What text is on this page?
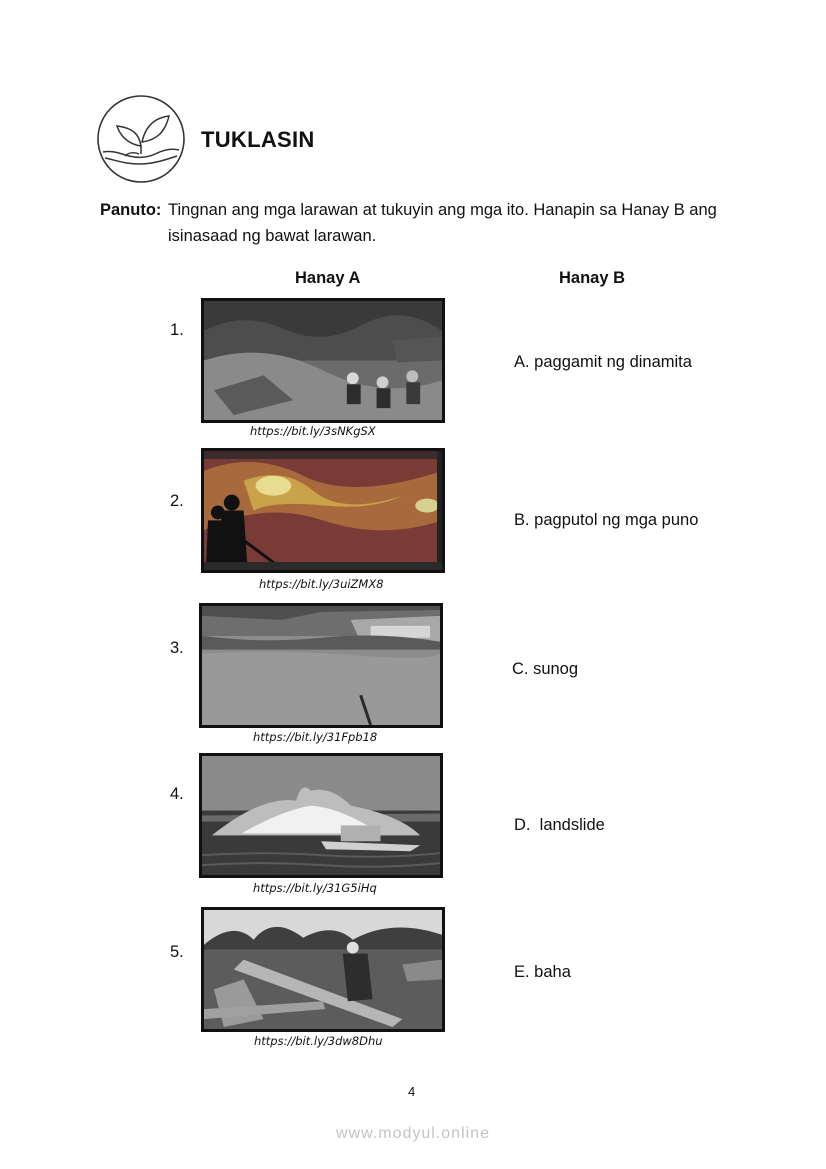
TUKLASIN
Panuto: Tingnan ang mga larawan at tukuyin ang mga ito. Hanapin sa Hanay B ang
isinasaad ng bawat larawan.
Hanay A	Hanay B
1.
https://bit.ly/3sNKgSX
2.
https://bit.ly/3uiZMX8
3.
https://bit.ly/31Fpb18
4.
https://bit.ly/31G5iHq
5.
https://bit.ly/3dw8Dhu
A. paggamit ng dinamita
B. pagputol ng mga puno
C. sunog
D.  landslide
E. baha
4
www.modyul.online
